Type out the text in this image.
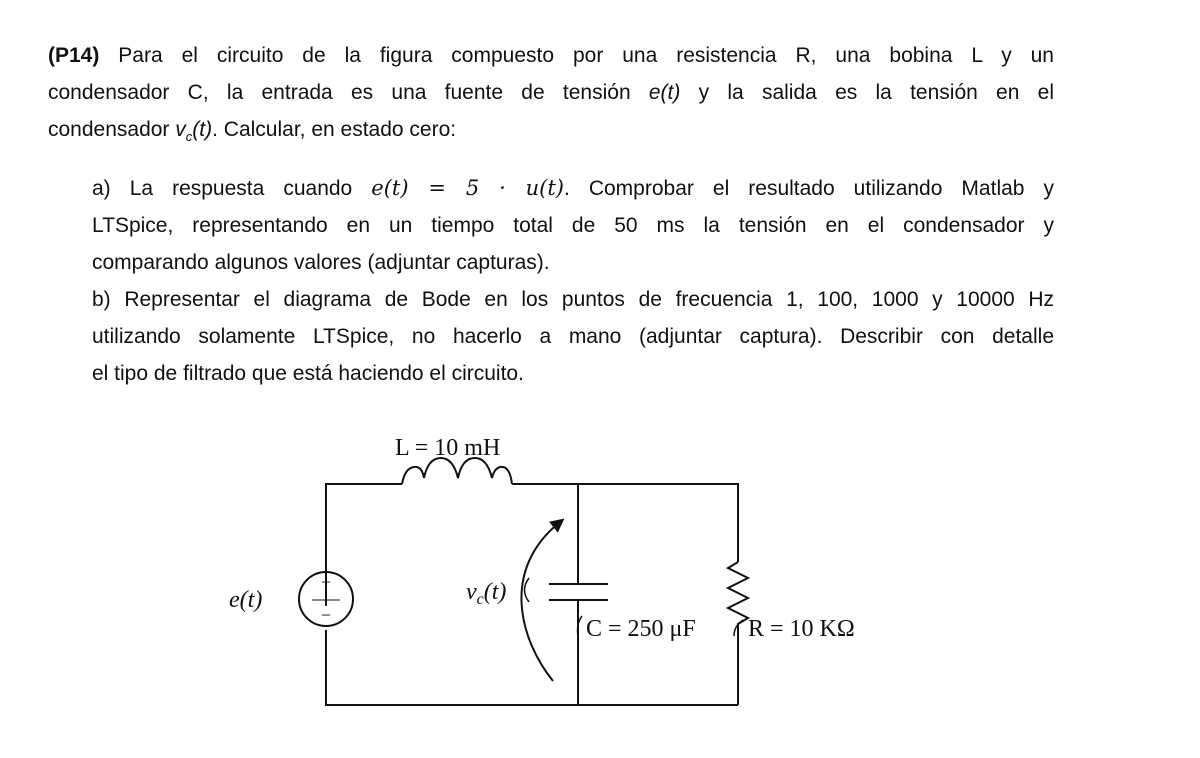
(P14) Para el circuito de la figura compuesto por una resistencia R, una bobina L y un
condensador C, la entrada es una fuente de tensión e(t) y la salida es la tensión en el
condensador $v_c(t)$. Calcular, en estado cero:
a) La respuesta cuando e(t) = 5 · u(t). Comprobar el resultado utilizando Matlab y
LTSpice, representando en un tiempo total de 50 ms la tensión en el condensador y
comparando algunos valores (adjuntar capturas).
b) Representar el diagrama de Bode en los puntos de frecuencia 1, 100, 1000 y 10000 Hz
utilizando solamente LTSpice, no hacerlo a mano (adjuntar captura). Describir con detalle
el tipo de filtrado que está haciendo el circuito.
L = 10 mH
e(t)
+
−
$v_c(t)$
C = 250 μF R = 10 KΩ
